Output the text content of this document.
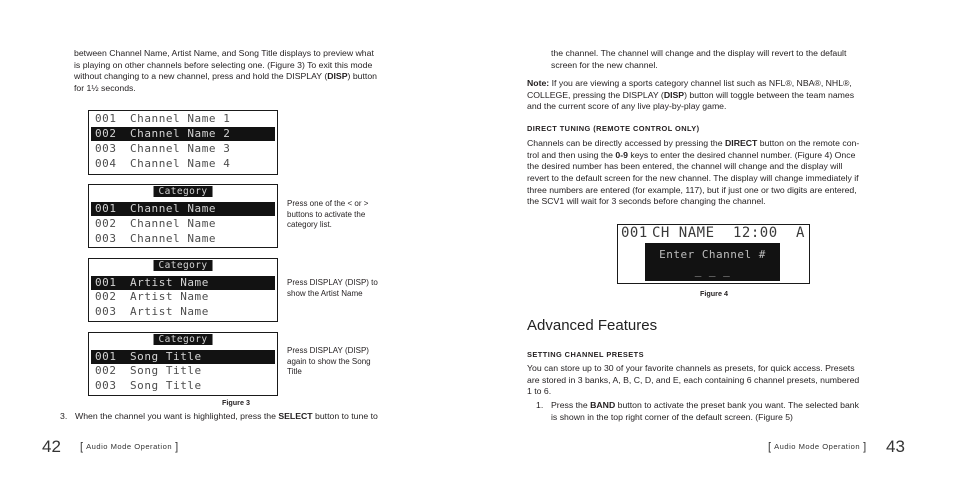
between Channel Name, Artist Name, and Song Title displays to preview what
is playing on other channels before selecting one. (Figure 3) To exit this mode
without changing to a new channel, press and hold the DISPLAY (DISP) button
for 1½ seconds.
001 Channel Name 1
002 Channel Name 2
003 Channel Name 3
004 Channel Name 4
Category
001 Channel Name
002 Channel Name
003 Channel Name
Press one of the < or >
buttons to activate the
category list.
Category
001 Artist Name
002 Artist Name
003 Artist Name
Press DISPLAY (DISP) to
show the Artist Name
Category
001 Song Title
002 Song Title
003 Song Title
Press DISPLAY (DISP)
again to show the Song
Title
Figure 3
3. When the channel you want is highlighted, press the SELECT button to tune to
42 [ Audio Mode Operation ]
the channel. The channel will change and the display will revert to the default
screen for the new channel.
Note: If you are viewing a sports category channel list such as NFL®, NBA®, NHL®,
COLLEGE, pressing the DISPLAY (DISP) button will toggle between the team names
and the current score of any live play-by-play game.
DIRECT TUNING (REMOTE CONTROL ONLY)
Channels can be directly accessed by pressing the DIRECT button on the remote con-
trol and then using the 0-9 keys to enter the desired channel number. (Figure 4) Once
the desired number has been entered, the channel will change and the display will
revert to the default screen for the new channel. The display will change immediately if
three numbers are entered (for example, 117), but if just one or two digits are entered,
the SCV1 will wait for 3 seconds before changing the channel.
001 CH NAME 12:00 A
Enter Channel #
_ _ _
Figure 4
Advanced Features
SETTING CHANNEL PRESETS
You can store up to 30 of your favorite channels as presets, for quick access. Presets
are stored in 3 banks, A, B, C, D, and E, each containing 6 channel presets, numbered
1 to 6.
1. Press the BAND button to activate the preset bank you want. The selected bank
is shown in the top right corner of the default screen. (Figure 5)
[ Audio Mode Operation ] 43
